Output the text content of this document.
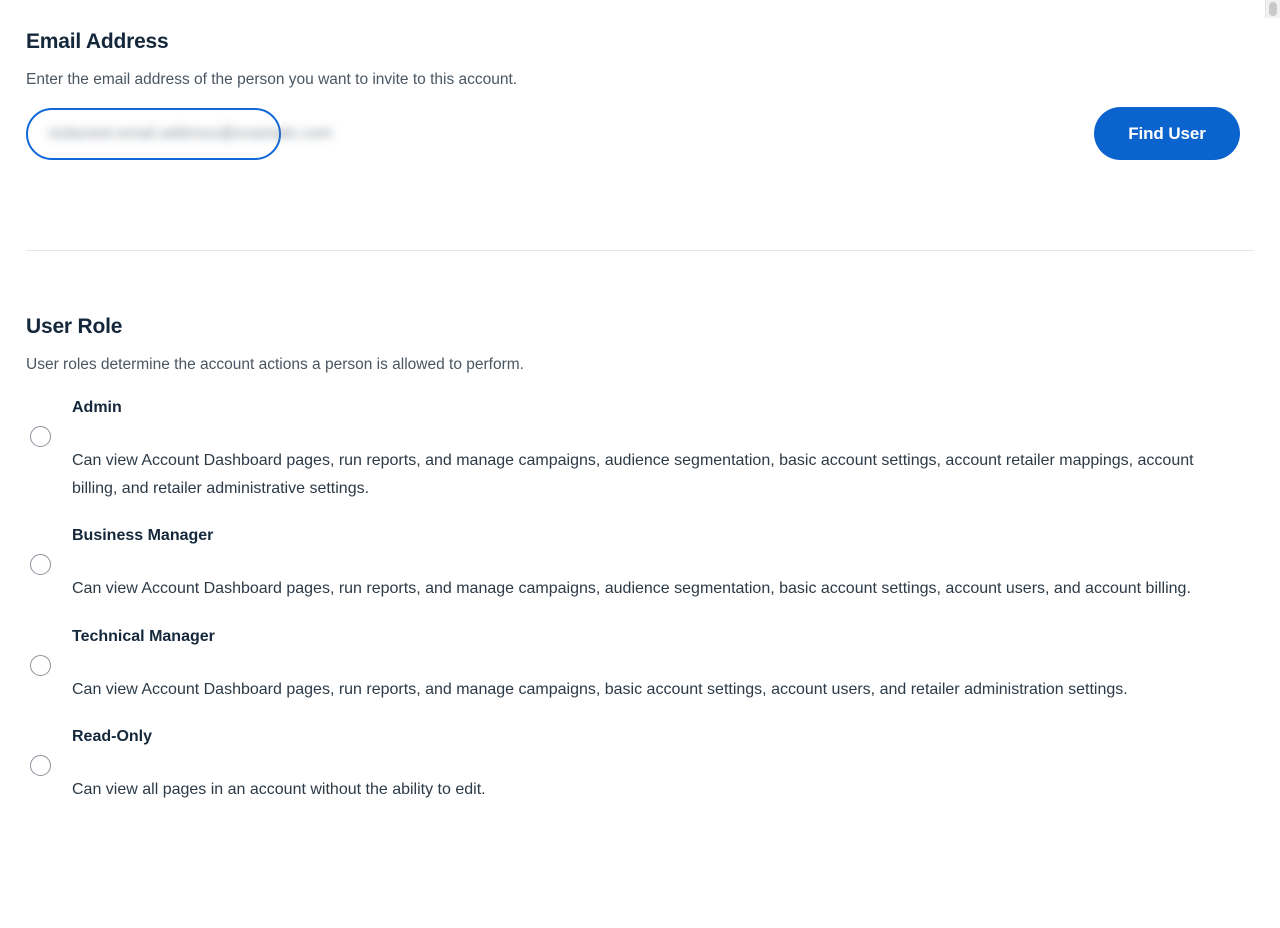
Email Address

Enter the email address of the person you want to invite to this account.

redacted.email.address@example.com	Find User
User Role

User roles determine the account actions a person is allowed to perform.

Admin
Can view Account Dashboard pages, run reports, and manage campaigns, audience segmentation, basic account settings, account retailer mappings, account billing, and retailer administrative settings.
Business Manager
Can view Account Dashboard pages, run reports, and manage campaigns, audience segmentation, basic account settings, account users, and account billing.
Technical Manager
Can view Account Dashboard pages, run reports, and manage campaigns, basic account settings, account users, and retailer administration settings.
Read-Only
Can view all pages in an account without the ability to edit.
